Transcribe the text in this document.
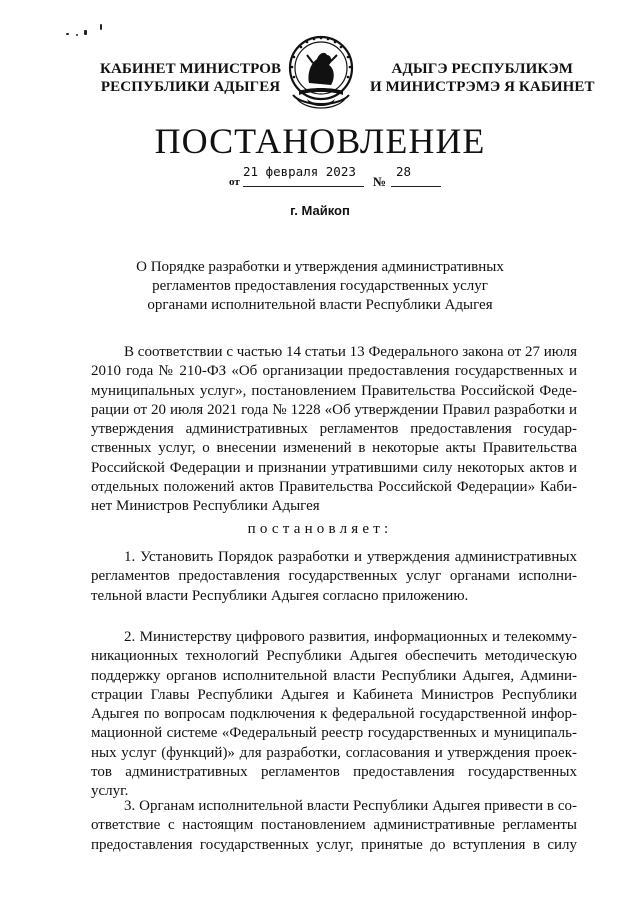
КАБИНЕТ МИНИСТРОВ
РЕСПУБЛИКИ АДЫГЕЯ
АДЫГЭ РЕСПУБЛИКЭМ
И МИНИСТРЭМЭ Я КАБИНЕТ
ПОСТАНОВЛЕНИЕ
от
21 февраля 2023
№
28
г. Майкоп
О Порядке разработки и утверждения административных
регламентов предоставления государственных услуг
органами исполнительной власти Республики Адыгея
В соответствии с частью 14 статьи 13 Федерального закона от 27 июля
2010 года № 210-ФЗ «Об организации предоставления государственных и
муниципальных услуг», постановлением Правительства Российской Феде-
рации от 20 июля 2021 года № 1228 «Об утверждении Правил разработки и
утверждения административных регламентов предоставления государ-
ственных услуг, о внесении изменений в некоторые акты Правительства
Российской Федерации и признании утратившими силу некоторых актов и
отдельных положений актов Правительства Российской Федерации» Каби-
нет Министров Республики Адыгея
постановляет:
1. Установить Порядок разработки и утверждения административных
регламентов предоставления государственных услуг органами исполни-
тельной власти Республики Адыгея согласно приложению.
2. Министерству цифрового развития, информационных и телекомму-
никационных технологий Республики Адыгея обеспечить методическую
поддержку органов исполнительной власти Республики Адыгея, Админи-
страции Главы Республики Адыгея и Кабинета Министров Республики
Адыгея по вопросам подключения к федеральной государственной инфор-
мационной системе «Федеральный реестр государственных и муниципаль-
ных услуг (функций)» для разработки, согласования и утверждения проек-
тов административных регламентов предоставления государственных
услуг.
3. Органам исполнительной власти Республики Адыгея привести в со-
ответствие с настоящим постановлением административные регламенты
предоставления государственных услуг, принятые до вступления в силу
